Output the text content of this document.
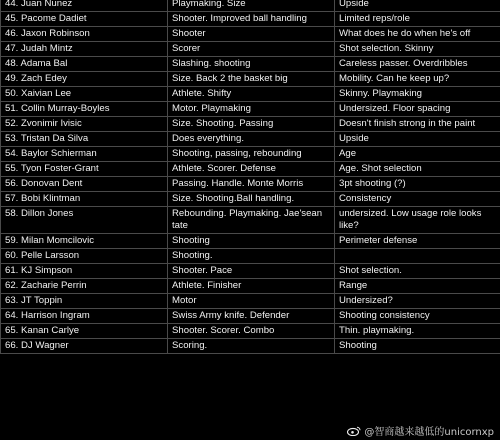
44. Juan Nunez	Playmaking. Size	Upside
45. Pacome Dadiet	Shooter. Improved ball handling	Limited reps/role
46. Jaxon Robinson	Shooter	What does he do when he's off
47. Judah Mintz	Scorer	Shot selection. Skinny
48. Adama Bal	Slashing. shooting	Careless passer. Overdribbles
49. Zach Edey	Size. Back 2 the basket big	Mobility. Can he keep up?
50. Xaivian Lee	Athlete. Shifty	Skinny. Playmaking
51. Collin Murray-Boyles	Motor. Playmaking	Undersized. Floor spacing
52. Zvonimir Ivisic	Size. Shooting. Passing	Doesn't finish strong in the paint
53. Tristan Da Silva	Does everything.	Upside
54. Baylor Schierman	Shooting, passing, rebounding	Age
55. Tyon Foster-Grant	Athlete. Scorer. Defense	Age. Shot selection
56. Donovan Dent	Passing. Handle. Monte Morris	3pt shooting (?)
57. Bobi Klintman	Size. Shooting.Ball handling.	Consistency
58. Dillon Jones	Rebounding. Playmaking. Jae'sean tate	undersized. Low usage role looks like?
59. Milan Momcilovic	Shooting	Perimeter defense
60. Pelle Larsson	Shooting.	
61. KJ Simpson	Shooter. Pace	Shot selection.
62. Zacharie Perrin	Athlete. Finisher	Range
63. JT Toppin	Motor	Undersized?
64. Harrison Ingram	Swiss Army knife. Defender	Shooting consistency
65. Kanan Carlye	Shooter. Scorer. Combo	Thin. playmaking.
66. DJ Wagner	Scoring.	Shooting
@智商越来越低的unicornxp
